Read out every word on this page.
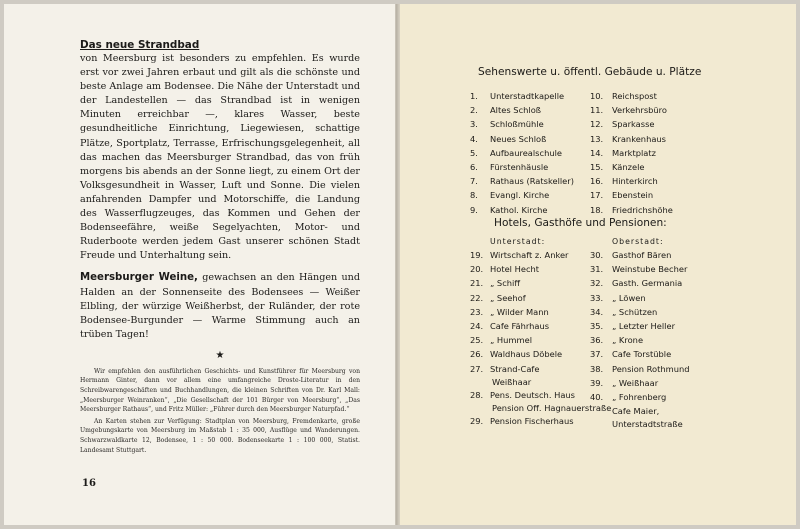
Das neue Strandbad
von Meersburg ist besonders zu empfehlen. Es wurde erst vor zwei Jahren erbaut und gilt als die schönste und beste Anlage am Bodensee. Die Nähe der Unterstadt und der Landestellen — das Strandbad ist in wenigen Minuten erreichbar —, klares Wasser, beste gesundheitliche Einrichtung, Liegewiesen, schattige Plätze, Sportplatz, Terrasse, Erfrischungsgelegenheit, all das machen das Meersburger Strandbad, das von früh morgens bis abends an der Sonne liegt, zu einem Ort der Volksgesundheit in Wasser, Luft und Sonne. Die vielen anfahrenden Dampfer und Motorschiffe, die Landung des Wasserflugzeuges, das Kommen und Gehen der Bodenseefähre, weiße Segelyachten, Motor- und Ruderboote werden jedem Gast unserer schönen Stadt Freude und Unterhaltung sein.

Meersburger Weine, gewachsen an den Hängen und Halden an der Sonnenseite des Bodensees — Weißer Elbling, der würzige Weißherbst, der Ruländer, der rote Bodensee-Burgunder — Warme Stimmung auch an trüben Tagen!

★

Wir empfehlen den ausführlichen Geschichts- und Kunstführer für Meersburg von Hermann Ginter, dann vor allem eine umfangreiche Droste-Literatur in den Schreibwarengeschäften und Buchhandlungen, die kleinen Schriften von Dr. Karl Mall: „Meersburger Weinranken“, „Die Gesellschaft der 101 Bürger von Meersburg“, „Das Meersburger Rathaus“, und Fritz Müller: „Führer durch den Meersburger Naturpfad.“

An Karten stehen zur Verfügung: Stadtplan von Meersburg, Fremdenkarte, große Umgebungskarte von Meersburg im Maßstab 1 : 35 000, Ausflüge und Wanderungen. Schwarzwaldkarte 12, Bodensee, 1 : 50 000. Bodenseekarte 1 : 100 000, Statist. Landesamt Stuttgart.

16
Sehenswerte u. öffentl. Gebäude u. Plätze
1. Unterstadtkapelle
2. Altes Schloß
3. Schloßmühle
4. Neues Schloß
5. Aufbaurealschule
6. Fürstenhäusle
7. Rathaus (Ratskeller)
8. Evangl. Kirche
9. Kathol. Kirche
10. Reichspost
11. Verkehrsbüro
12. Sparkasse
13. Krankenhaus
14. Marktplatz
15. Känzele
16. Hinterkirch
17. Ebenstein
18. Friedrichshöhe
Hotels, Gasthöfe und Pensionen:
Unterstadt:	Oberstadt:
19. Wirtschaft z. Anker
20. Hotel Hecht
21. „ Schiff
22. „ Seehof
23. „ Wilder Mann
24. Cafe Fährhaus
25. „ Hummel
26. Waldhaus Döbele
27. Strand-Cafe
Weißhaar
28. Pens. Deutsch. Haus
Pension Off. Hagnauerstraße
29. Pension Fischerhaus
30. Gasthof Bären
31. Weinstube Becher
32. Gasth. Germania
33. „ Löwen
34. „ Schützen
35. „ Letzter Heller
36. „ Krone
37. Cafe Torstüble
38. Pension Rothmund
39. „ Weißhaar
40. „ Fohrenberg
Cafe Maier,
Unterstadtstraße
